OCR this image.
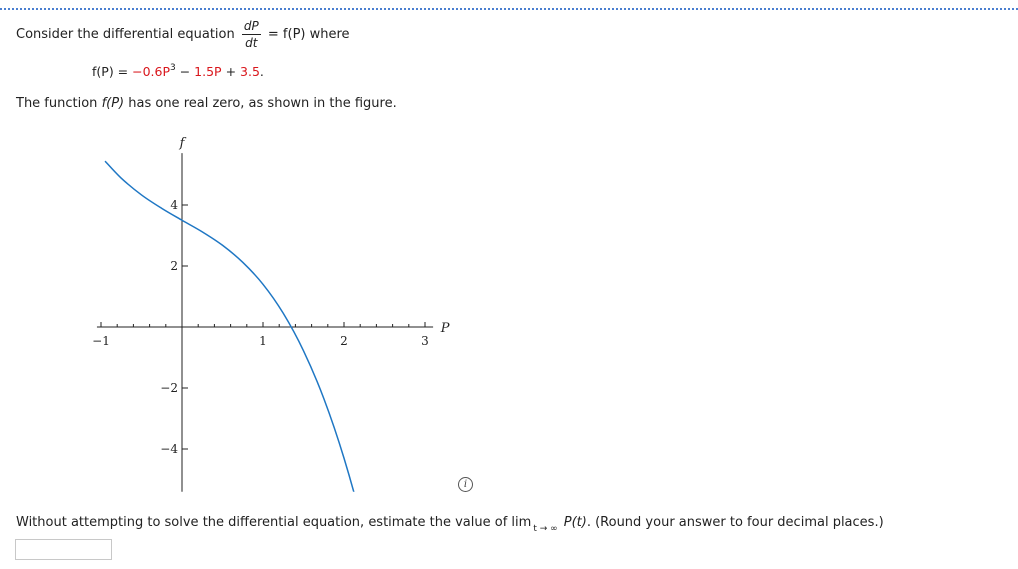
Consider the differential equation $\frac{dP}{dt} = f(P)$ where
$f(P) = -0.6P^3 - 1.5P + 3.5$.
The function f(P) has one real zero, as shown in the figure.
−1	1	2	3
4
2
−2
−4
P
f
i
Without attempting to solve the differential equation, estimate the value of lim $_{t \to \infty}$ P(t). (Round your answer to four decimal places.)
